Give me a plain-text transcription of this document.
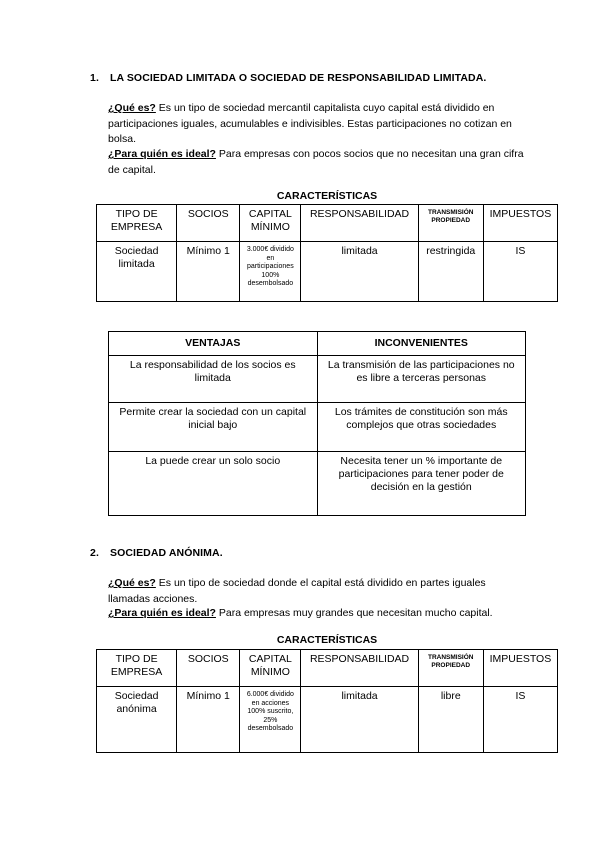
1. LA SOCIEDAD LIMITADA O SOCIEDAD DE RESPONSABILIDAD LIMITADA.
¿Qué es? Es un tipo de sociedad mercantil capitalista cuyo capital está dividido en participaciones iguales, acumulables e indivisibles. Estas participaciones no cotizan en bolsa.
¿Para quién es ideal? Para empresas con pocos socios que no necesitan una gran cifra de capital.
CARACTERÍSTICAS
TIPO DE EMPRESA	SOCIOS	CAPITAL MÍNIMO	RESPONSABILIDAD	TRANSMISIÓN PROPIEDAD	IMPUESTOS
Sociedad limitada	Mínimo 1	3.000€ dividido en participaciones 100% desembolsado	limitada	restringida	IS
VENTAJAS	INCONVENIENTES
La responsabilidad de los socios es limitada	La transmisión de las participaciones no es libre a terceras personas
Permite crear la sociedad con un capital inicial bajo	Los trámites de constitución son más complejos que otras sociedades
La puede crear un solo socio	Necesita tener un % importante de participaciones para tener poder de decisión en la gestión
2. SOCIEDAD ANÓNIMA.
¿Qué es? Es un tipo de sociedad donde el capital está dividido en partes iguales llamadas acciones.
¿Para quién es ideal? Para empresas muy grandes que necesitan mucho capital.
CARACTERÍSTICAS
TIPO DE EMPRESA	SOCIOS	CAPITAL MÍNIMO	RESPONSABILIDAD	TRANSMISIÓN PROPIEDAD	IMPUESTOS
Sociedad anónima	Mínimo 1	6.000€ dividido en acciones 100% suscrito, 25% desembolsado	limitada	libre	IS
